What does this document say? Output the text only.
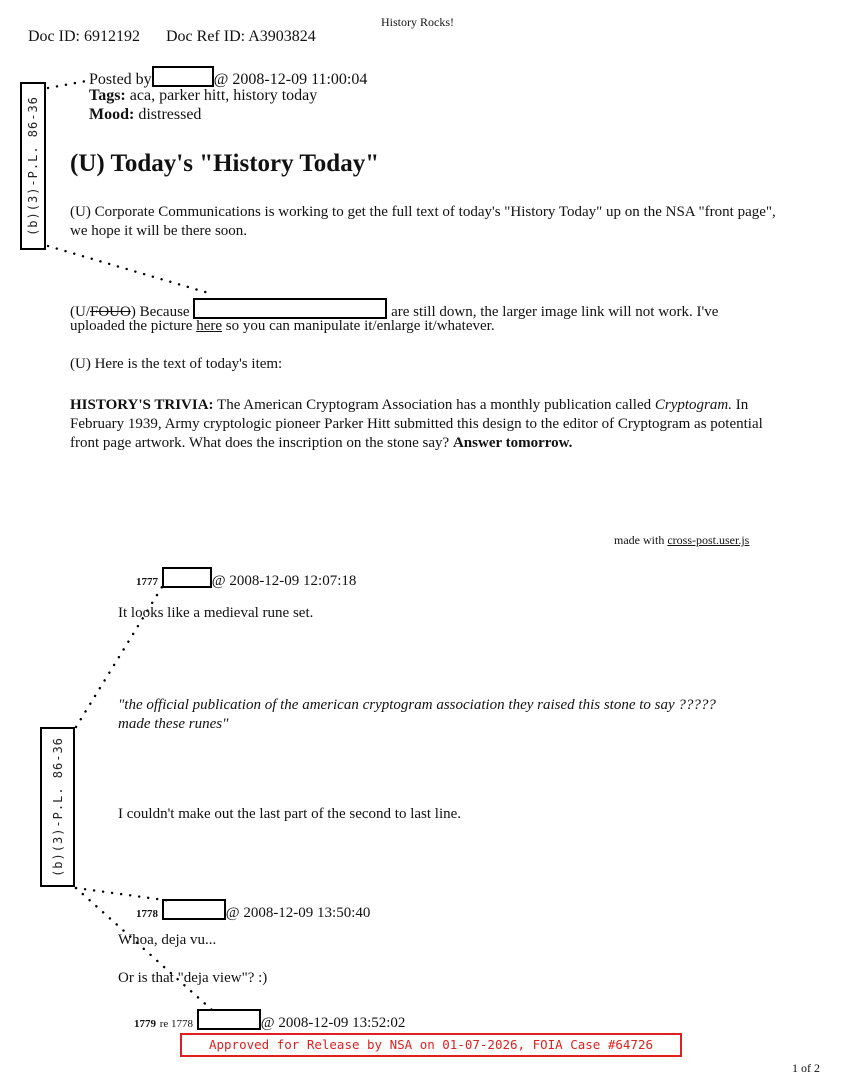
Doc ID: 6912192 Doc Ref ID: A3903824
History Rocks!
(b)(3)-P.L. 86-36
(b)(3)-P.L. 86-36
Posted by	@ 2008-12-09 11:00:04
Tags: aca, parker hitt, history today
Mood: distressed
(U) Today's "History Today"
(U) Corporate Communications is working to get the full text of today's "History Today" up on the NSA "front page", we hope it will be there soon.
(U/FOUO) Because	are still down, the larger image link will not work. I've
uploaded the picture here so you can manipulate it/enlarge it/whatever.
(U) Here is the text of today's item:
HISTORY'S TRIVIA: The American Cryptogram Association has a monthly publication called Cryptogram. In February 1939, Army cryptologic pioneer Parker Hitt submitted this design to the editor of Cryptogram as potential front page artwork. What does the inscription on the stone say? Answer tomorrow.
made with cross-post.user.js
1777	@ 2008-12-09 12:07:18
It looks like a medieval rune set.
"the official publication of the american cryptogram association they raised this stone to say ????? made these runes"
I couldn't make out the last part of the second to last line.
1778	@ 2008-12-09 13:50:40
Whoa, deja vu...
Or is that "deja view"? :)
1779 re 1778	@ 2008-12-09 13:52:02
Approved for Release by NSA on 01-07-2026, FOIA Case #64726
1 of 2
